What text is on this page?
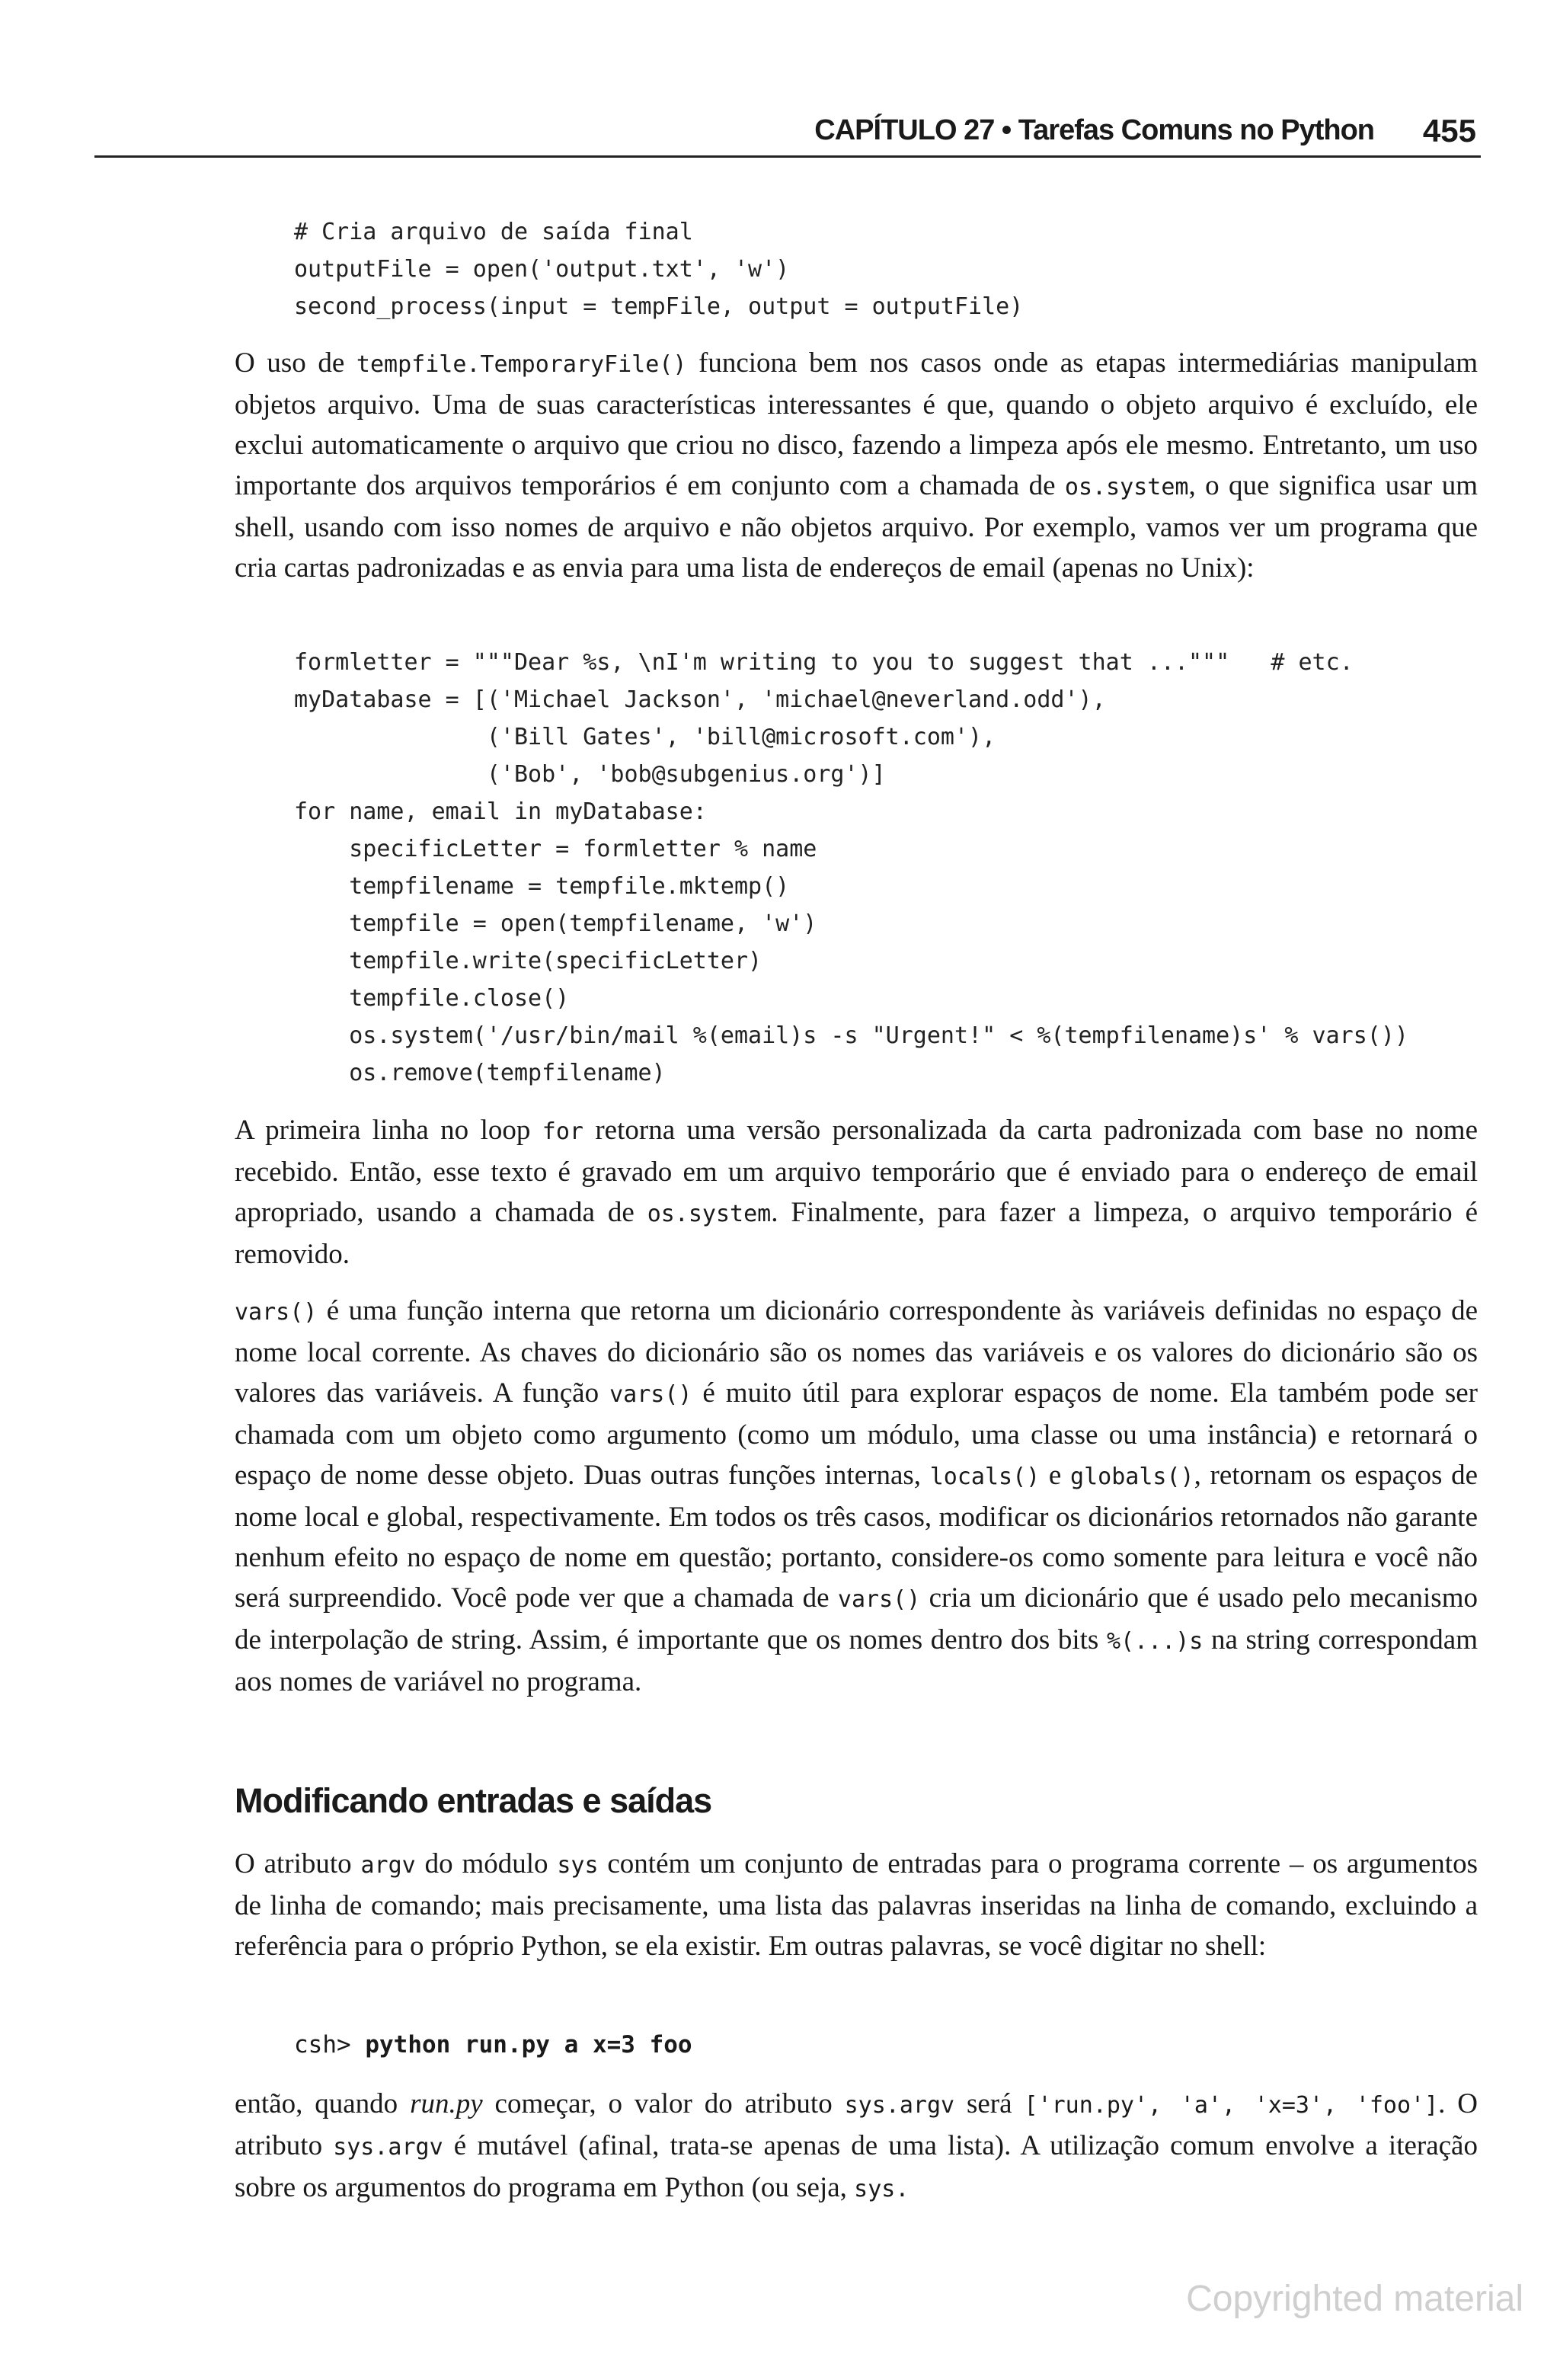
CAPÍTULO 27 • Tarefas Comuns no Python 455
# Cria arquivo de saída final
outputFile = open('output.txt', 'w')
second_process(input = tempFile, output = outputFile)
O uso de tempfile.TemporaryFile() funciona bem nos casos onde as etapas intermediárias manipulam objetos arquivo. Uma de suas características interessantes é que, quando o objeto arquivo é excluído, ele exclui automaticamente o arquivo que criou no disco, fazendo a limpeza após ele mesmo. Entretanto, um uso importante dos arquivos temporários é em conjunto com a chamada de os.system, o que significa usar um shell, usando com isso nomes de arquivo e não objetos arquivo. Por exemplo, vamos ver um programa que cria cartas padronizadas e as envia para uma lista de endereços de email (apenas no Unix):
formletter = """Dear %s, \nI'm writing to you to suggest that ..."""   # etc.
myDatabase = [('Michael Jackson', 'michael@neverland.odd'),
('Bill Gates', 'bill@microsoft.com'),
('Bob', 'bob@subgenius.org')]
for name, email in myDatabase:
specificLetter = formletter % name
tempfilename = tempfile.mktemp()
tempfile = open(tempfilename, 'w')
tempfile.write(specificLetter)
tempfile.close()
os.system('/usr/bin/mail %(email)s -s "Urgent!" < %(tempfilename)s' % vars())
os.remove(tempfilename)
A primeira linha no loop for retorna uma versão personalizada da carta padronizada com base no nome recebido. Então, esse texto é gravado em um arquivo temporário que é enviado para o endereço de email apropriado, usando a chamada de os.system. Finalmente, para fazer a limpeza, o arquivo temporário é removido.
vars() é uma função interna que retorna um dicionário correspondente às variáveis definidas no espaço de nome local corrente. As chaves do dicionário são os nomes das variáveis e os valores do dicionário são os valores das variáveis. A função vars() é muito útil para explorar espaços de nome. Ela também pode ser chamada com um objeto como argumento (como um módulo, uma classe ou uma instância) e retornará o espaço de nome desse objeto. Duas outras funções internas, locals() e globals(), retornam os espaços de nome local e global, respectivamente. Em todos os três casos, modificar os dicionários retornados não garante nenhum efeito no espaço de nome em questão; portanto, considere-os como somente para leitura e você não será surpreendido. Você pode ver que a chamada de vars() cria um dicionário que é usado pelo mecanismo de interpolação de string. Assim, é importante que os nomes dentro dos bits %(...)s na string correspondam aos nomes de variável no programa.
Modificando entradas e saídas
O atributo argv do módulo sys contém um conjunto de entradas para o programa corrente – os argumentos de linha de comando; mais precisamente, uma lista das palavras inseridas na linha de comando, excluindo a referência para o próprio Python, se ela existir. Em outras palavras, se você digitar no shell:
csh> python run.py a x=3 foo
então, quando run.py começar, o valor do atributo sys.argv será ['run.py', 'a', 'x=3', 'foo']. O atributo sys.argv é mutável (afinal, trata-se apenas de uma lista). A utilização comum envolve a iteração sobre os argumentos do programa em Python (ou seja, sys.
Copyrighted material
